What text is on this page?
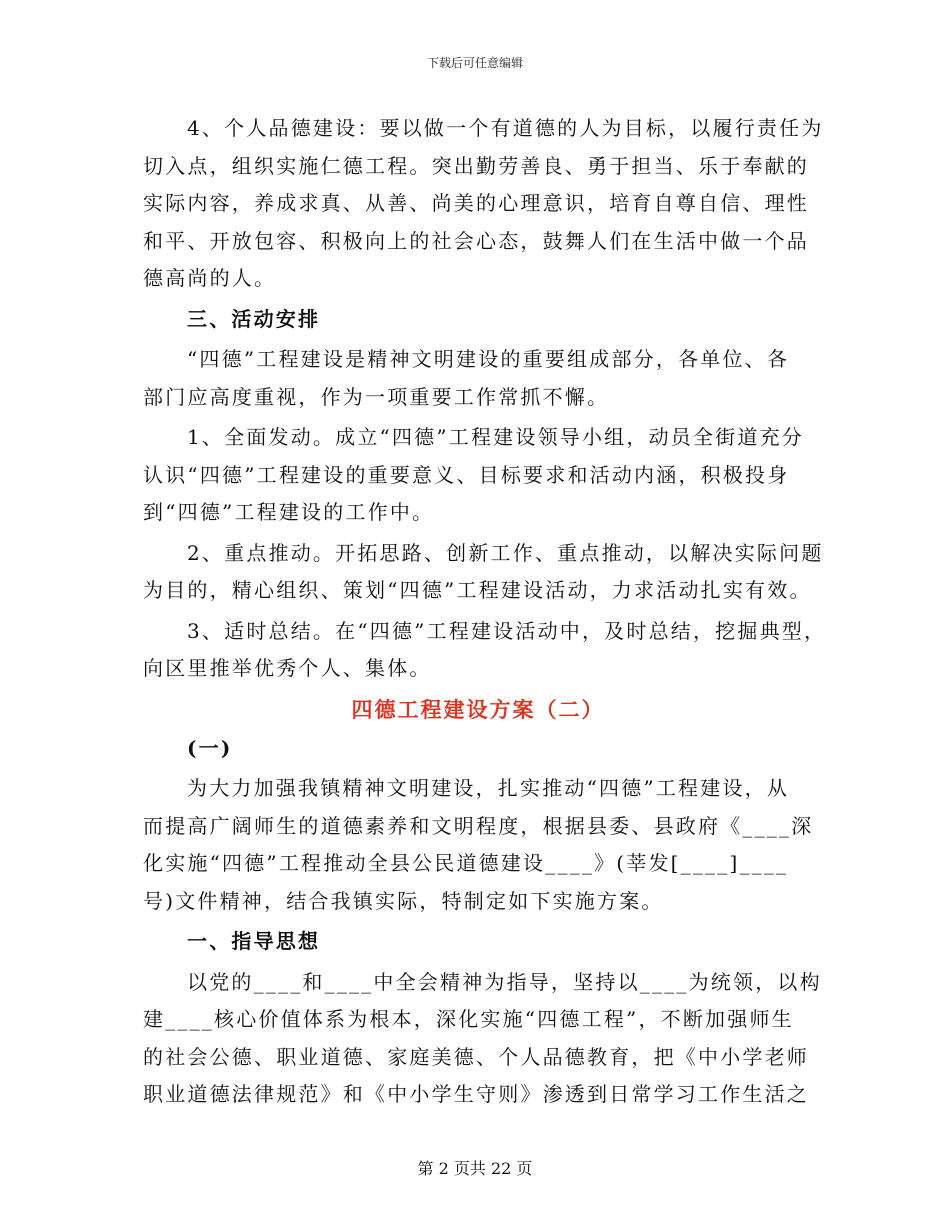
下载后可任意编辑
4、个人品德建设：要以做一个有道德的人为目标，以履行责任为
切入点，组织实施仁德工程。突出勤劳善良、勇于担当、乐于奉献的
实际内容，养成求真、从善、尚美的心理意识，培育自尊自信、理性
和平、开放包容、积极向上的社会心态，鼓舞人们在生活中做一个品
德高尚的人。
三、活动安排
“四德”工程建设是精神文明建设的重要组成部分，各单位、各
部门应高度重视，作为一项重要工作常抓不懈。
1、全面发动。成立“四德”工程建设领导小组，动员全街道充分
认识“四德”工程建设的重要意义、目标要求和活动内涵，积极投身
到“四德”工程建设的工作中。
2、重点推动。开拓思路、创新工作、重点推动，以解决实际问题
为目的，精心组织、策划“四德”工程建设活动，力求活动扎实有效。
3、适时总结。在“四德”工程建设活动中，及时总结，挖掘典型，
向区里推举优秀个人、集体。
四德工程建设方案（二）
(一)
为大力加强我镇精神文明建设，扎实推动“四德”工程建设，从
而提高广阔师生的道德素养和文明程度，根据县委、县政府《____深
化实施“四德”工程推动全县公民道德建设____》(莘发[____]____
号)文件精神，结合我镇实际，特制定如下实施方案。
一、指导思想
以党的____和____中全会精神为指导，坚持以____为统领，以构
建____核心价值体系为根本，深化实施“四德工程”，不断加强师生
的社会公德、职业道德、家庭美德、个人品德教育，把《中小学老师
职业道德法律规范》和《中小学生守则》渗透到日常学习工作生活之
第 2 页共 22 页
